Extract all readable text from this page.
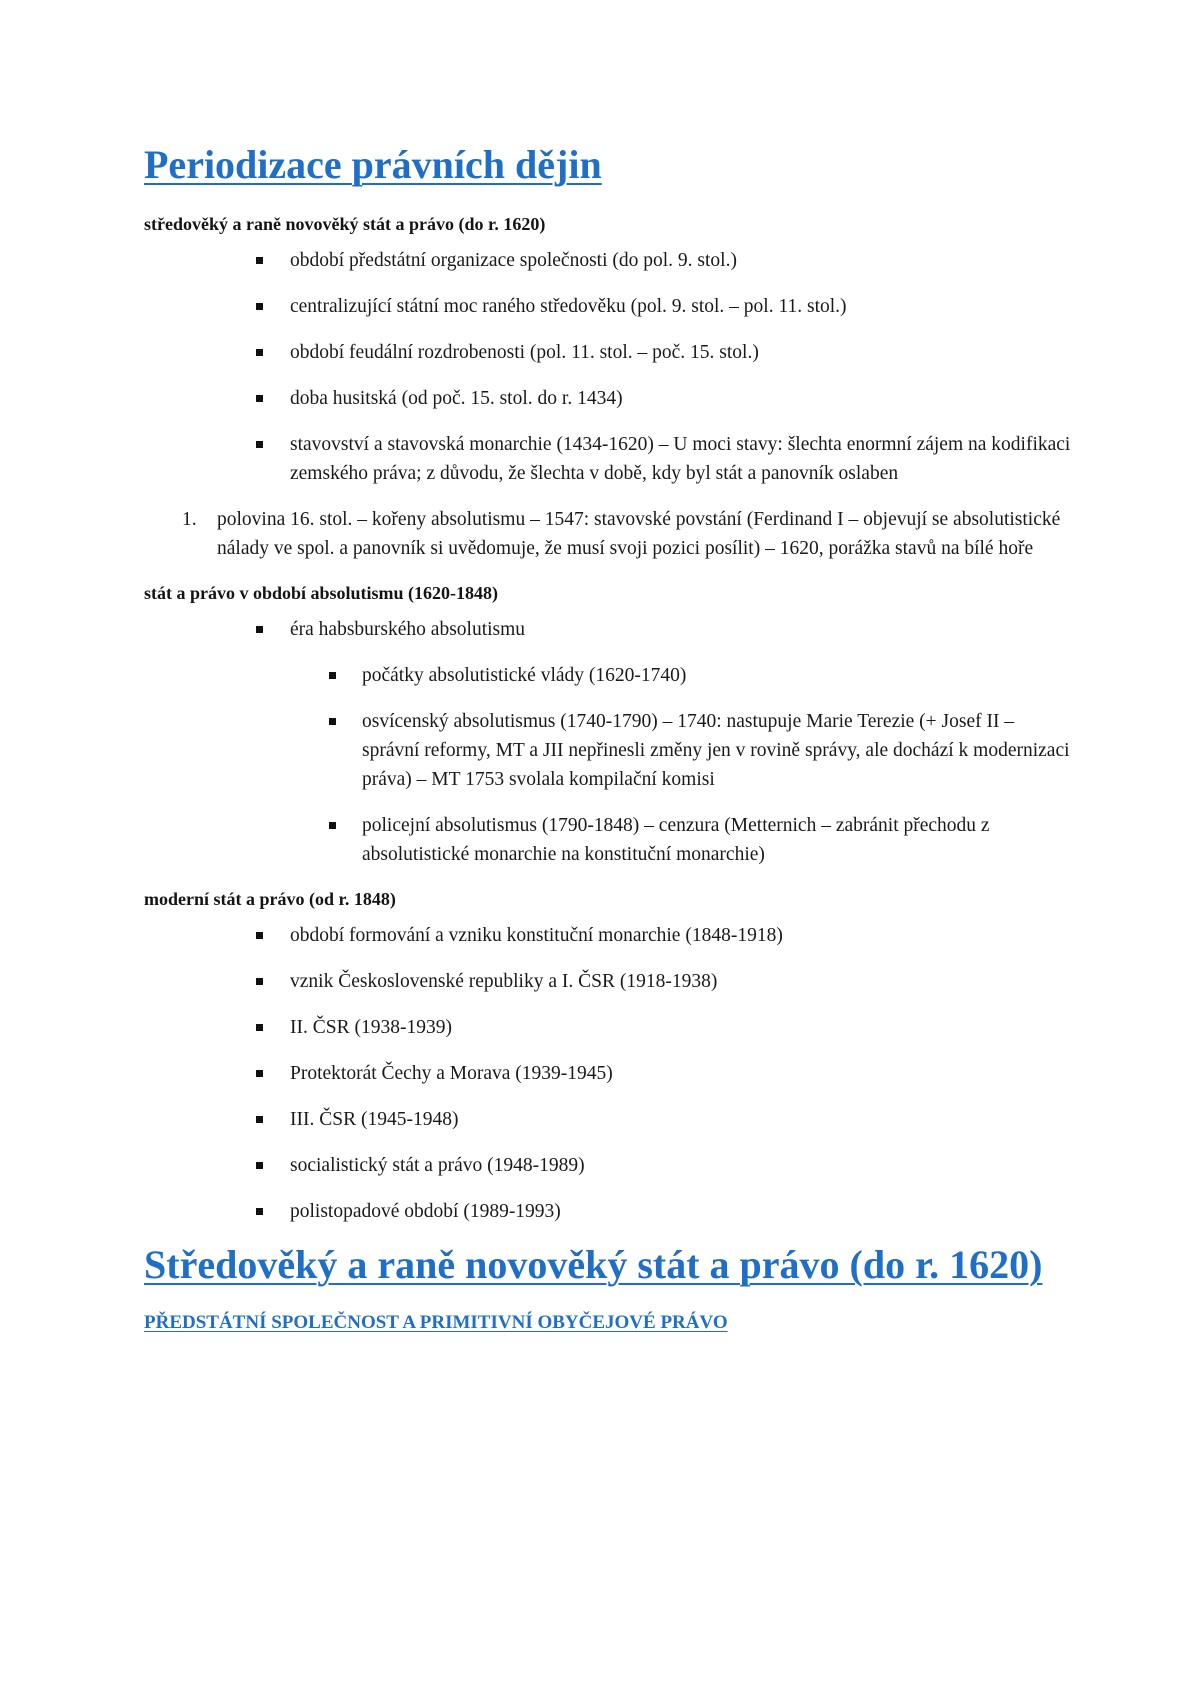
Periodizace právních dějin
středověký a raně novověký stát a právo (do r. 1620)
období předstátní organizace společnosti (do pol. 9. stol.)
centralizující státní moc raného středověku (pol. 9. stol. – pol. 11. stol.)
období feudální rozdrobenosti (pol. 11. stol. – poč. 15. stol.)
doba husitská (od poč. 15. stol. do r. 1434)
stavovství a stavovská monarchie (1434-1620) – U moci stavy: šlechta enormní zájem na kodifikaci zemského práva; z důvodu, že šlechta v době, kdy byl stát a panovník oslaben
1. polovina 16. stol. – kořeny absolutismu – 1547: stavovské povstání (Ferdinand I – objevují se absolutistické nálady ve spol. a panovník si uvědomuje, že musí svoji pozici posílit) – 1620, porážka stavů na bílé hoře
stát a právo v období absolutismu (1620-1848)
éra habsburského absolutismu
počátky absolutistické vlády (1620-1740)
osvícenský absolutismus (1740-1790) – 1740: nastupuje Marie Terezie (+ Josef II – správní reformy, MT a JII nepřinesli změny jen v rovině správy, ale dochází k modernizaci práva) – MT 1753 svolala kompilační komisi
policejní absolutismus (1790-1848) – cenzura (Metternich – zabránit přechodu z absolutistické monarchie na konstituční monarchie)
moderní stát a právo (od r. 1848)
období formování a vzniku konstituční monarchie (1848-1918)
vznik Československé republiky a I. ČSR (1918-1938)
II. ČSR (1938-1939)
Protektorát Čechy a Morava (1939-1945)
III. ČSR (1945-1948)
socialistický stát a právo (1948-1989)
polistopadové období (1989-1993)
Středověký a raně novověký stát a právo (do r. 1620)
PŘEDSTÁTNÍ SPOLEČNOST A PRIMITIVNÍ OBYČEJOVÉ PRÁVO
